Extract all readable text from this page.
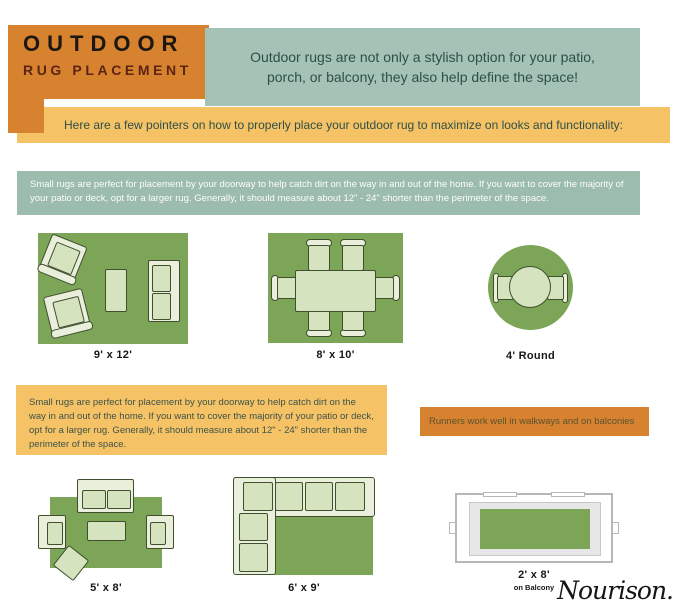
OUTDOOR
RUG PLACEMENT
Outdoor rugs are not only a stylish option for your patio, porch, or balcony, they also help define the space!
Here are a few pointers on how to properly place your outdoor rug to maximize on looks and functionality:
Small rugs are perfect for placement by your doorway to help catch dirt on the way in and out of the home. If you want to cover the majority of your patio or deck, opt for a larger rug. Generally, it should measure about 12" - 24" shorter than the perimeter of the space.
9' x 12'	8' x 10'	4' Round
Small rugs are perfect for placement by your doorway to help catch dirt on the way in and out of the home. If you want to cover the majority of your patio or deck, opt for a larger rug. Generally, it should measure about 12" - 24" shorter than the perimeter of the space.
Runners work well in walkways and on balconies
5' x 8'	6' x 9'
2' x 8'
on Balcony Nourison.
